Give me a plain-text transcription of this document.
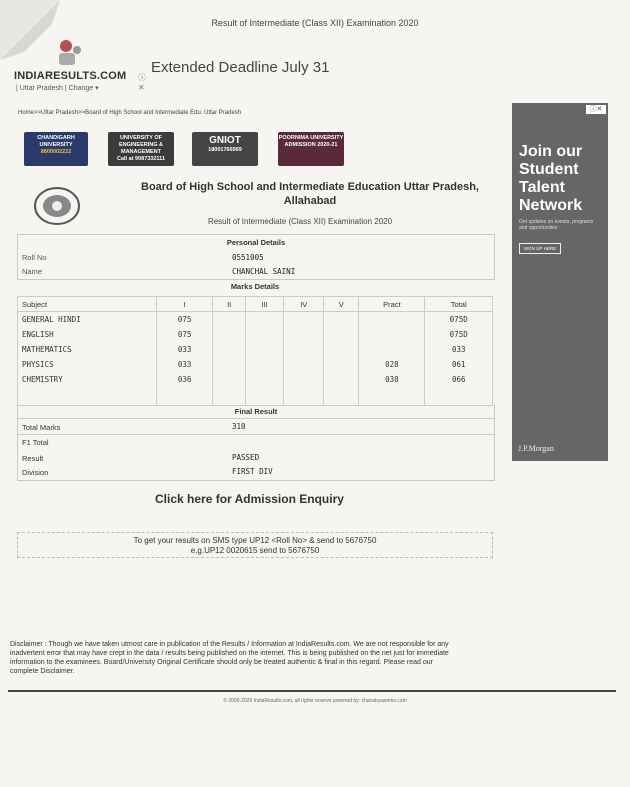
Result of Intermediate (Class XII) Examination 2020
INDIARESULTS.COM
| Uttar Pradesh | Change ▾
ⓘ
✕
Extended Deadline July 31
Home>>Uttar Pradesh>>Board of High School and Intermediate Edu. Uttar Pradesh
CHANDIGARH UNIVERSITY
8800002222
UNIVERSITY OF ENGINEERING & MANAGEMENT
Call at 9087332111
GNIOT
18001766969
POORNIMA UNIVERSITY
ADMISSION 2020-21
Board of High School and Intermediate Education Uttar Pradesh,
Allahabad
Result of Intermediate (Class XII) Examination 2020
Personal Details
Roll No	0551005
Name	CHANCHAL SAINI
Marks Details
Subject	I	II	III	IV	V	Pract	Total
GENERAL HINDI	075						075D
ENGLISH	075						075D
MATHEMATICS	033						033
PHYSICS	033					028	061
CHEMISTRY	036					030	066

Final Result
Total Marks	310
F1 Total
Result	PASSED
Division	FIRST DIV
Click here for Admission Enquiry
To get your results on SMS type UP12 <Roll No> & send to 5676750
e.g.UP12 0020615 send to 5676750
Disclaimer : Though we have taken utmost care in publication of the Results / Information at IndiaResults.com. We are not responsible for any inadvertent error that may have crept in the data / results being published on the internet. This is being published on the net just for immediate information to the examinees. Board/University Original Certificate should only be treated authentic & final in this regard. Please read our complete Disclaimer.
© 2000-2020 IndiaResults.com, all rights reserve powered by: chanakyaworks.com
ⓘ✕
Join our
Student
Talent
Network
Get updates on events, programs and opportunities
SIGN UP HERE
J.P.Morgan
